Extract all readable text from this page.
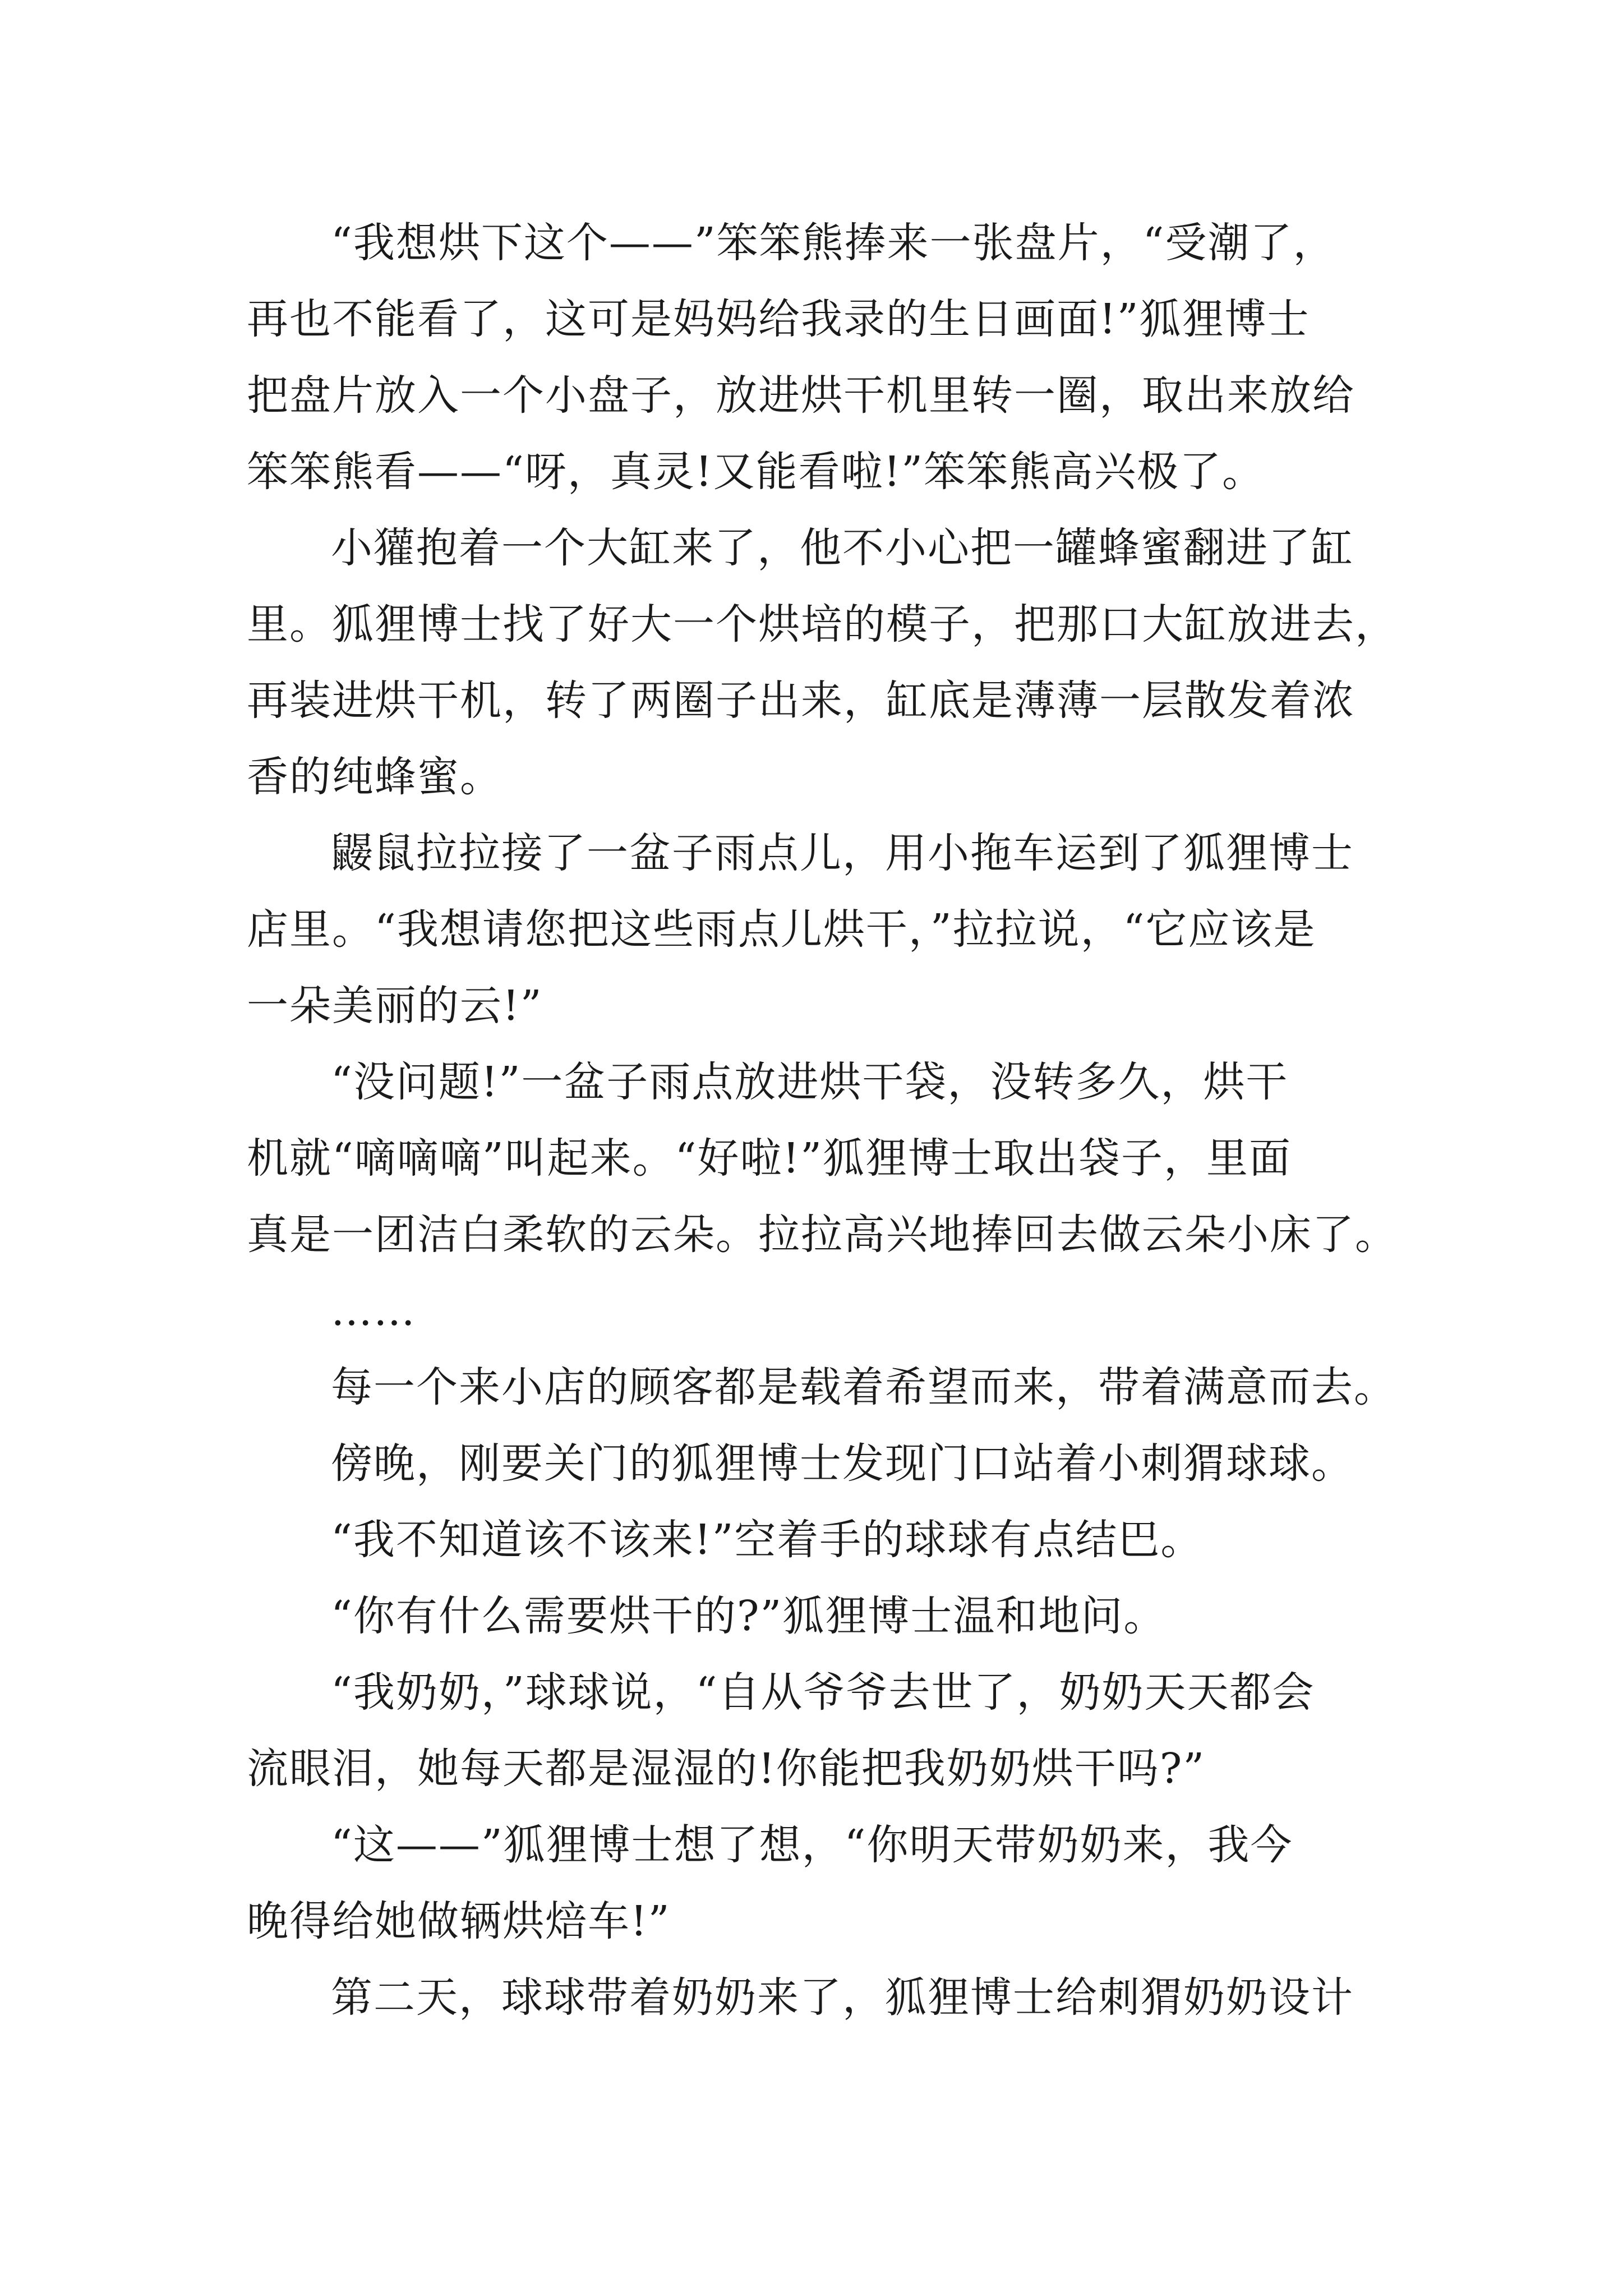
“我想烘下这个——”笨笨熊捧来一张盘片，“受潮了，
再也不能看了，这可是妈妈给我录的生日画面!”狐狸博士
把盘片放入一个小盘子，放进烘干机里转一圈，取出来放给
笨笨熊看——“呀，真灵!又能看啦!”笨笨熊高兴极了。
小獾抱着一个大缸来了，他不小心把一罐蜂蜜翻进了缸
里。狐狸博士找了好大一个烘培的模子，把那口大缸放进去，
再装进烘干机，转了两圈子出来，缸底是薄薄一层散发着浓
香的纯蜂蜜。
鼹鼠拉拉接了一盆子雨点儿，用小拖车运到了狐狸博士
店里。“我想请您把这些雨点儿烘干，”拉拉说，“它应该是
一朵美丽的云!”
“没问题!”一盆子雨点放进烘干袋，没转多久，烘干
机就“嘀嘀嘀”叫起来。“好啦!”狐狸博士取出袋子，里面
真是一团洁白柔软的云朵。拉拉高兴地捧回去做云朵小床了。
……
每一个来小店的顾客都是载着希望而来，带着满意而去。
傍晚，刚要关门的狐狸博士发现门口站着小刺猬球球。
“我不知道该不该来!”空着手的球球有点结巴。
“你有什么需要烘干的?”狐狸博士温和地问。
“我奶奶，”球球说，“自从爷爷去世了，奶奶天天都会
流眼泪，她每天都是湿湿的!你能把我奶奶烘干吗?”
“这——”狐狸博士想了想，“你明天带奶奶来，我今
晚得给她做辆烘焙车!”
第二天，球球带着奶奶来了，狐狸博士给刺猬奶奶设计
